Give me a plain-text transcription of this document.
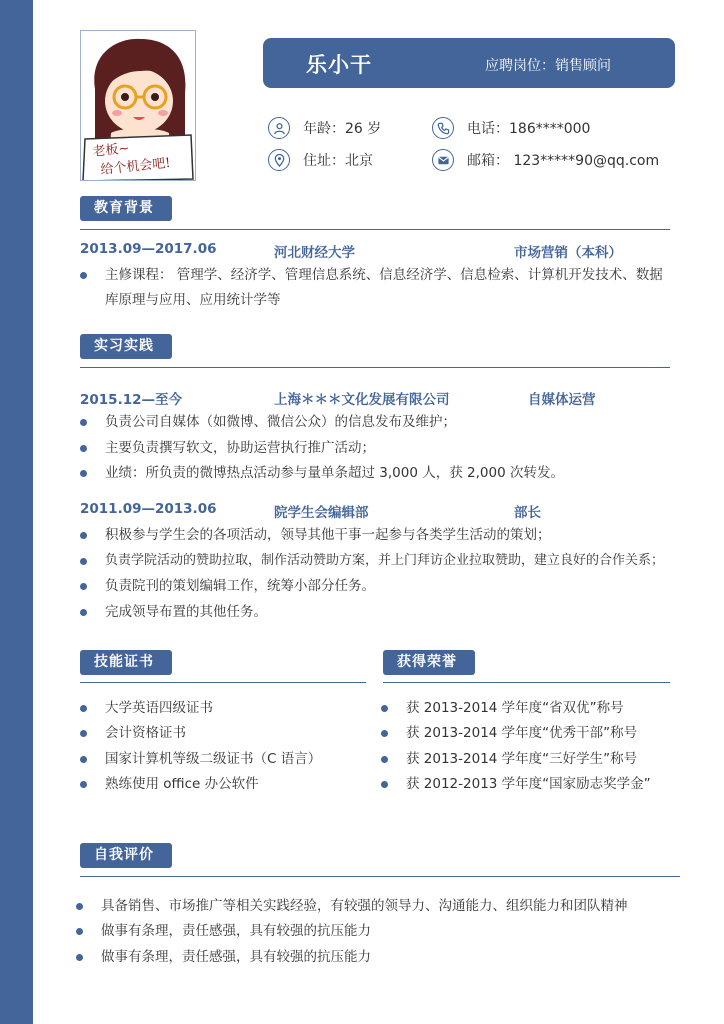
老板~
给个机会吧!
乐小干	应聘岗位：销售顾问
年龄：26 岁
住址：北京
电话：186****000
邮箱： 123*****90@qq.com
教育背景
2013.09—2017.06	河北财经大学	市场营销（本科）
主修课程： 管理学、经济学、管理信息系统、信息经济学、信息检索、计算机开发技术、数据
库原理与应用、应用统计学等
实习实践
2015.12—至今	上海＊＊＊文化发展有限公司	自媒体运营
负责公司自媒体（如微博、微信公众）的信息发布及维护；
主要负责撰写软文，协助运营执行推广活动；
业绩：所负责的微博热点活动参与量单条超过 3,000 人，获 2,000 次转发。
2011.09—2013.06	院学生会编辑部	部长
积极参与学生会的各项活动，领导其他干事一起参与各类学生活动的策划；
负责学院活动的赞助拉取，制作活动赞助方案，并上门拜访企业拉取赞助，建立良好的合作关系；
负责院刊的策划编辑工作，统筹小部分任务。
完成领导布置的其他任务。
技能证书
大学英语四级证书
会计资格证书
国家计算机等级二级证书（C 语言）
熟练使用 office 办公软件
获得荣誉
获 2013-2014 学年度“省双优”称号
获 2013-2014 学年度“优秀干部”称号
获 2013-2014 学年度“三好学生”称号
获 2012-2013 学年度“国家励志奖学金”
自我评价
具备销售、市场推广等相关实践经验，有较强的领导力、沟通能力、组织能力和团队精神
做事有条理，责任感强，具有较强的抗压能力
做事有条理，责任感强，具有较强的抗压能力
